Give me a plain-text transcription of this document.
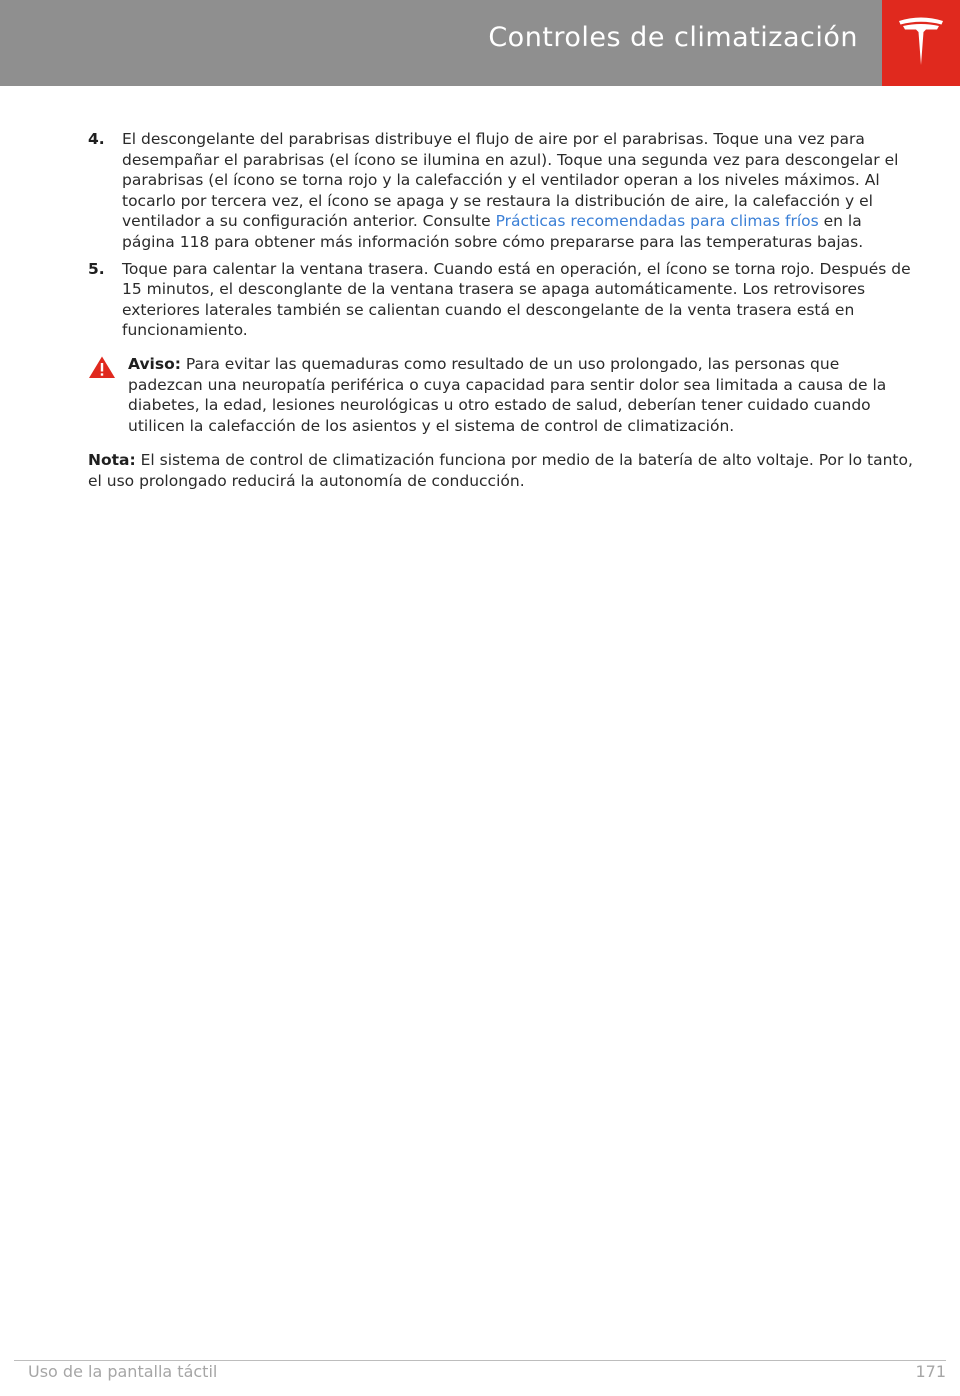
Controles de climatización
4. El descongelante del parabrisas distribuye el flujo de aire por el parabrisas. Toque una vez para desempañar el parabrisas (el ícono se ilumina en azul). Toque una segunda vez para descongelar el parabrisas (el ícono se torna rojo y la calefacción y el ventilador operan a los niveles máximos. Al tocarlo por tercera vez, el ícono se apaga y se restaura la distribución de aire, la calefacción y el ventilador a su configuración anterior. Consulte Prácticas recomendadas para climas fríos en la página 118 para obtener más información sobre cómo prepararse para las temperaturas bajas.
5. Toque para calentar la ventana trasera. Cuando está en operación, el ícono se torna rojo. Después de 15 minutos, el desconglante de la ventana trasera se apaga automáticamente. Los retrovisores exteriores laterales también se calientan cuando el descongelante de la venta trasera está en funcionamiento.
Aviso: Para evitar las quemaduras como resultado de un uso prolongado, las personas que padezcan una neuropatía periférica o cuya capacidad para sentir dolor sea limitada a causa de la diabetes, la edad, lesiones neurológicas u otro estado de salud, deberían tener cuidado cuando utilicen la calefacción de los asientos y el sistema de control de climatización.
Nota: El sistema de control de climatización funciona por medio de la batería de alto voltaje. Por lo tanto, el uso prolongado reducirá la autonomía de conducción.
Uso de la pantalla táctil	171
